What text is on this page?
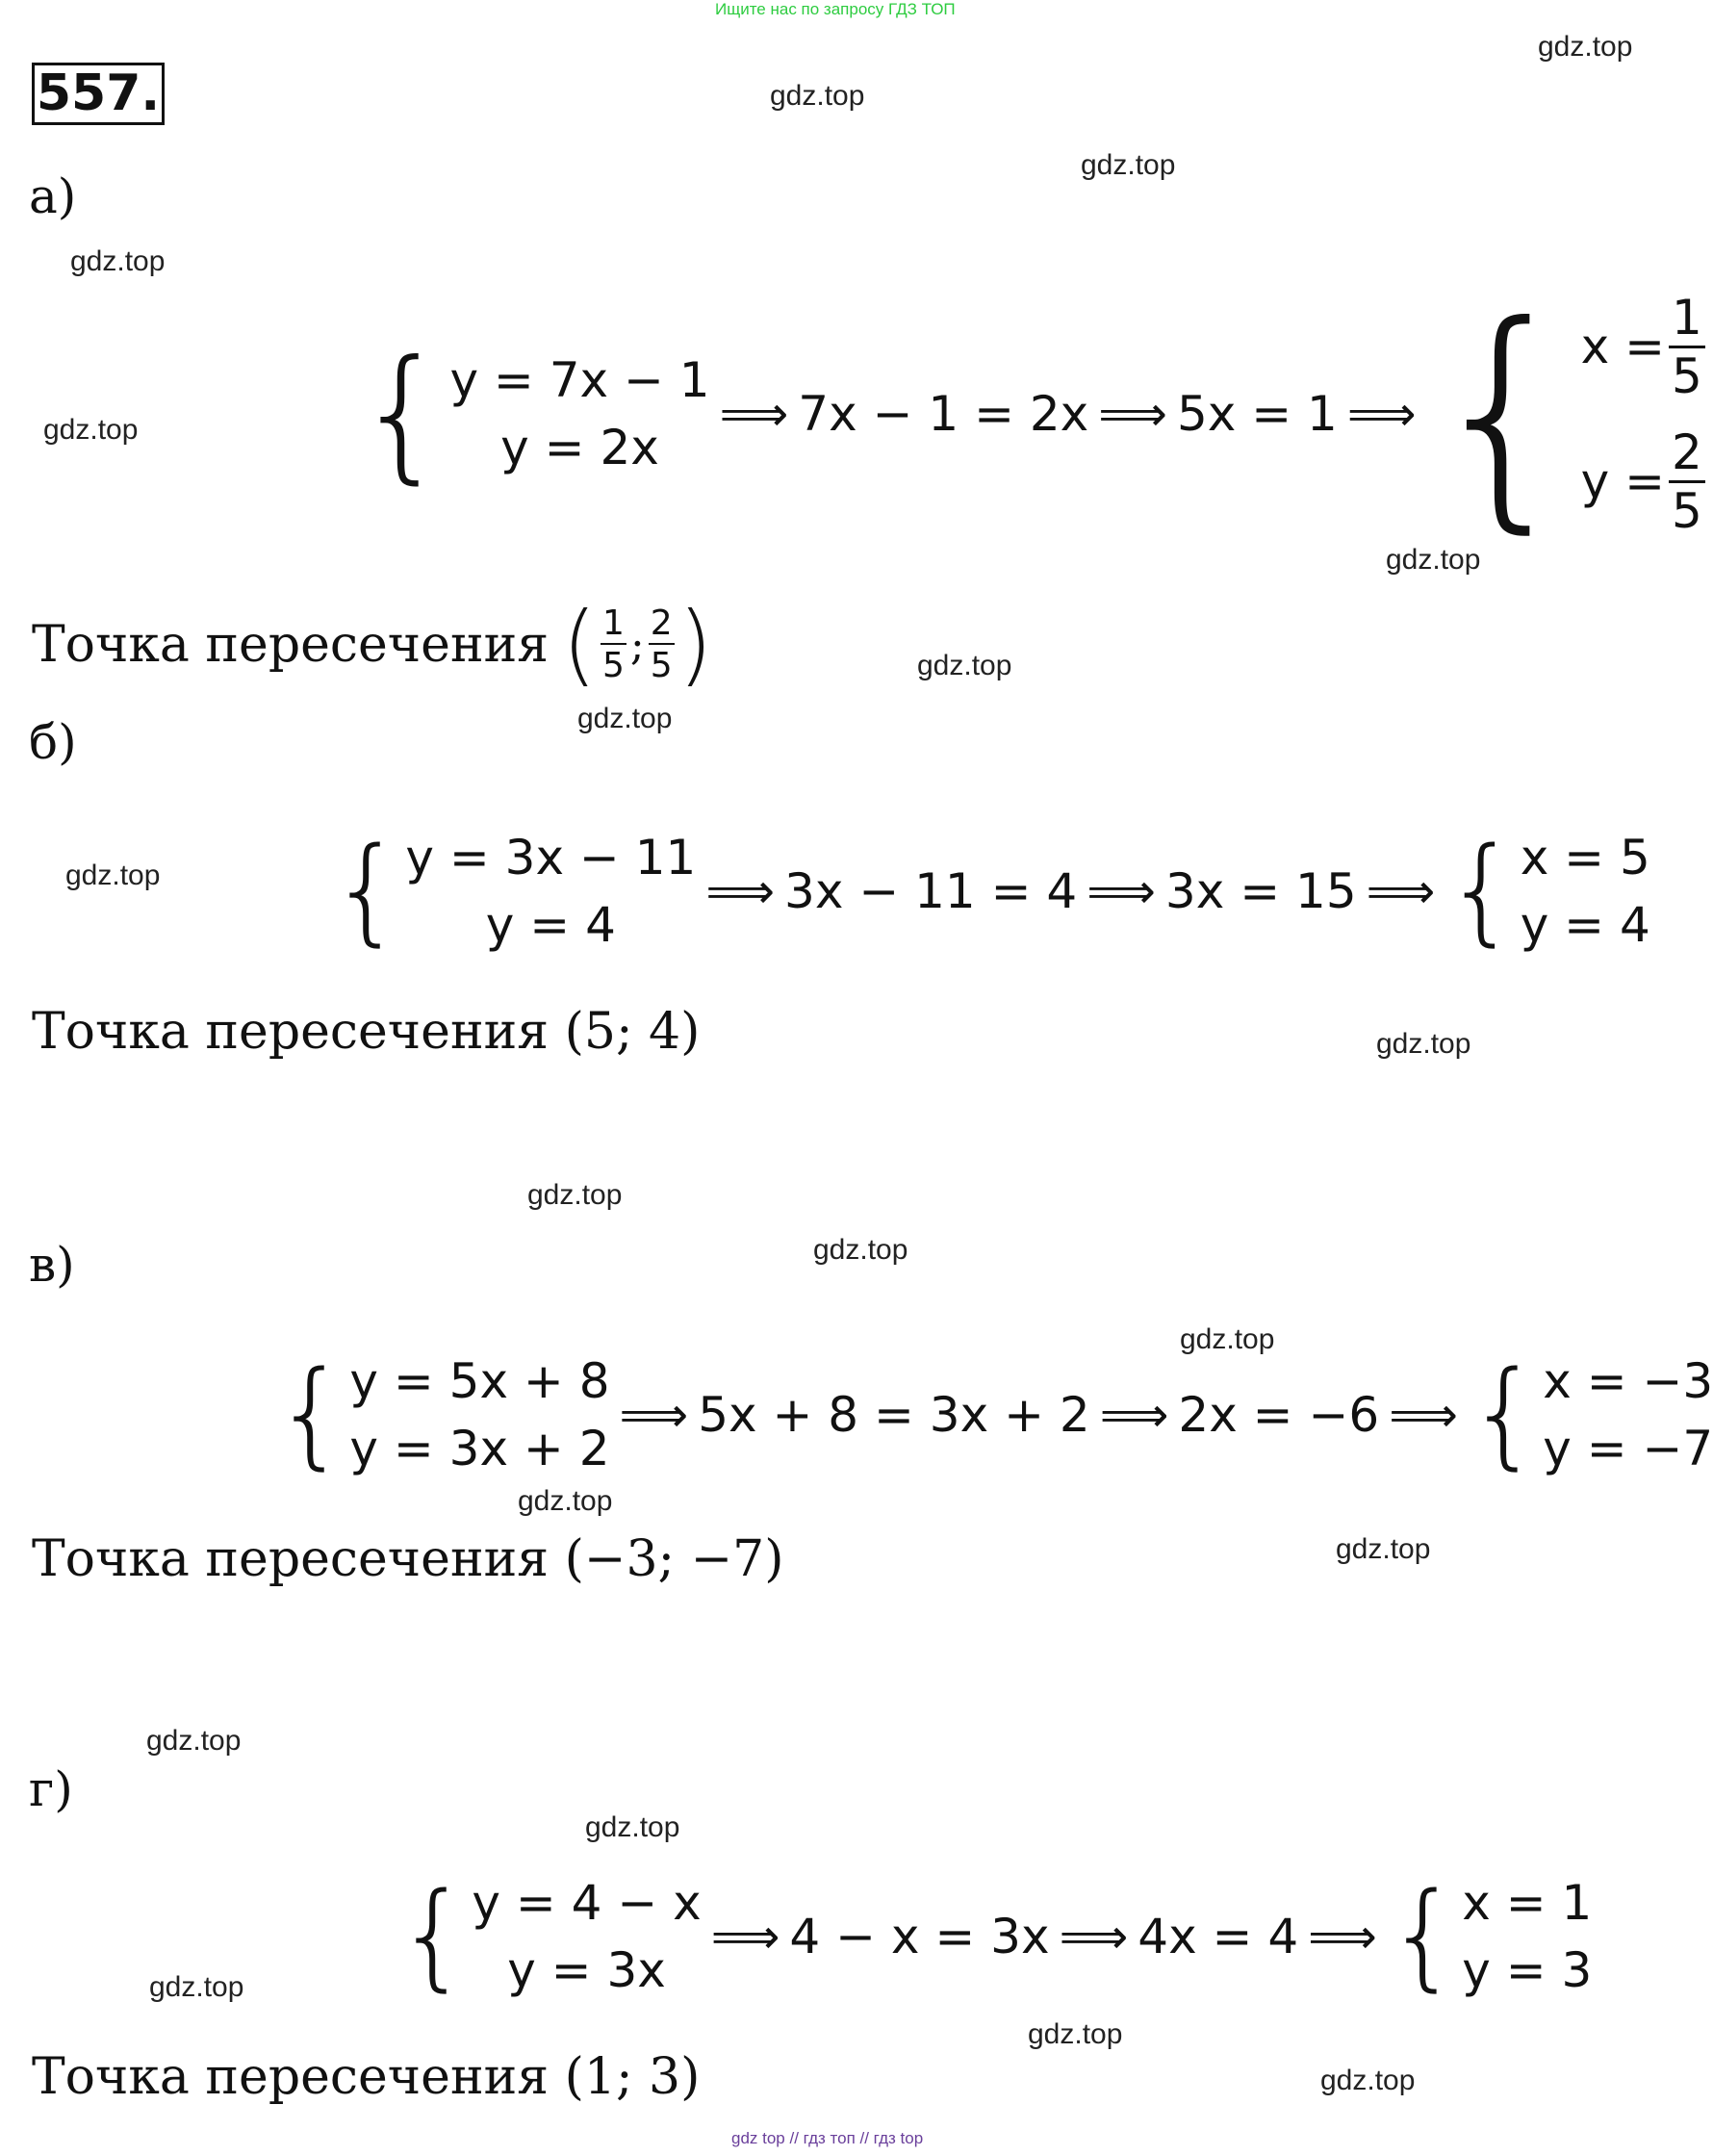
Ищите нас по запросу ГДЗ ТОП
gdz top // гдз топ // гдз top
557.
gdz.top
gdz.top
gdz.top
gdz.top
gdz.top
gdz.top
gdz.top
gdz.top
gdz.top
gdz.top
gdz.top
gdz.top
gdz.top
gdz.top
gdz.top
gdz.top
gdz.top
gdz.top
gdz.top
gdz.top
а)
{ y = 7x − 1
y = 2x
⟹ 7x − 1 = 2x ⟹ 5x = 1 ⟹ { $x = \frac{1}{5}$
$y = \frac{2}{5}$
Точка пересечения ( $\frac{1}{5}$ ; $\frac{2}{5}$ )
б)
{ y = 3x − 11
y = 4
⟹ 3x − 11 = 4 ⟹ 3x = 15 ⟹ { x = 5
y = 4
Точка пересечения (5; 4)
в)
{ y = 5x + 8
y = 3x + 2
⟹ 5x + 8 = 3x + 2 ⟹ 2x = −6 ⟹ { x = −3
y = −7
Точка пересечения (−3; −7)
г)
{ y = 4 − x
y = 3x
⟹ 4 − x = 3x ⟹ 4x = 4 ⟹ { x = 1
y = 3
Точка пересечения (1; 3)
